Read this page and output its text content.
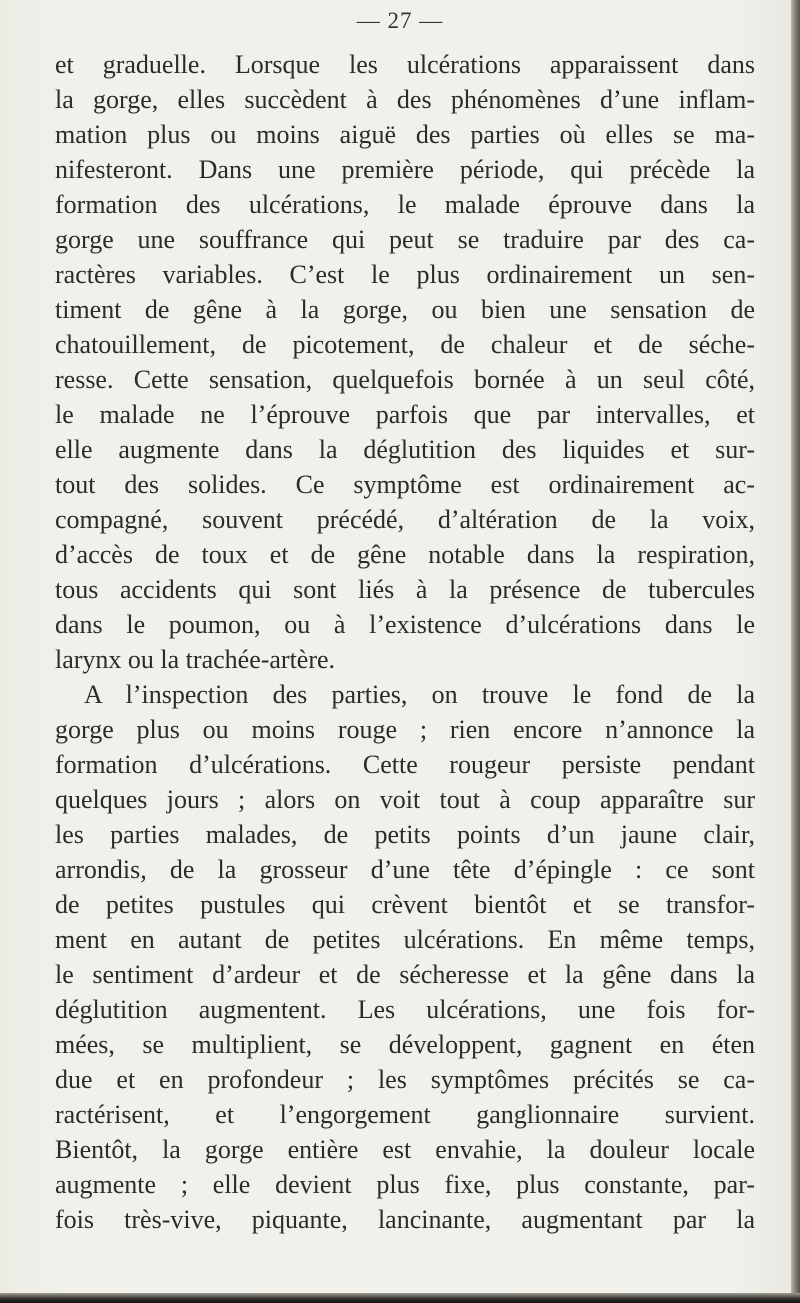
— 27 —
et graduelle. Lorsque les ulcérations apparaissent dans
la gorge, elles succèdent à des phénomènes d’une inflam-
mation plus ou moins aiguë des parties où elles se ma-
nifesteront. Dans une première période, qui précède la
formation des ulcérations, le malade éprouve dans la
gorge une souffrance qui peut se traduire par des ca-
ractères variables. C’est le plus ordinairement un sen-
timent de gêne à la gorge, ou bien une sensation de
chatouillement, de picotement, de chaleur et de séche-
resse. Cette sensation, quelquefois bornée à un seul côté,
le malade ne l’éprouve parfois que par intervalles, et
elle augmente dans la déglutition des liquides et sur-
tout des solides. Ce symptôme est ordinairement ac-
compagné, souvent précédé, d’altération de la voix,
d’accès de toux et de gêne notable dans la respiration,
tous accidents qui sont liés à la présence de tubercules
dans le poumon, ou à l’existence d’ulcérations dans le
larynx ou la trachée-artère.
A l’inspection des parties, on trouve le fond de la
gorge plus ou moins rouge ; rien encore n’annonce la
formation d’ulcérations. Cette rougeur persiste pendant
quelques jours ; alors on voit tout à coup apparaître sur
les parties malades, de petits points d’un jaune clair,
arrondis, de la grosseur d’une tête d’épingle : ce sont
de petites pustules qui crèvent bientôt et se transfor-
ment en autant de petites ulcérations. En même temps,
le sentiment d’ardeur et de sécheresse et la gêne dans la
déglutition augmentent. Les ulcérations, une fois for-
mées, se multiplient, se développent, gagnent en éten
due et en profondeur ; les symptômes précités se ca-
ractérisent, et l’engorgement ganglionnaire survient.
Bientôt, la gorge entière est envahie, la douleur locale
augmente ; elle devient plus fixe, plus constante, par-
fois très-vive, piquante, lancinante, augmentant par la
